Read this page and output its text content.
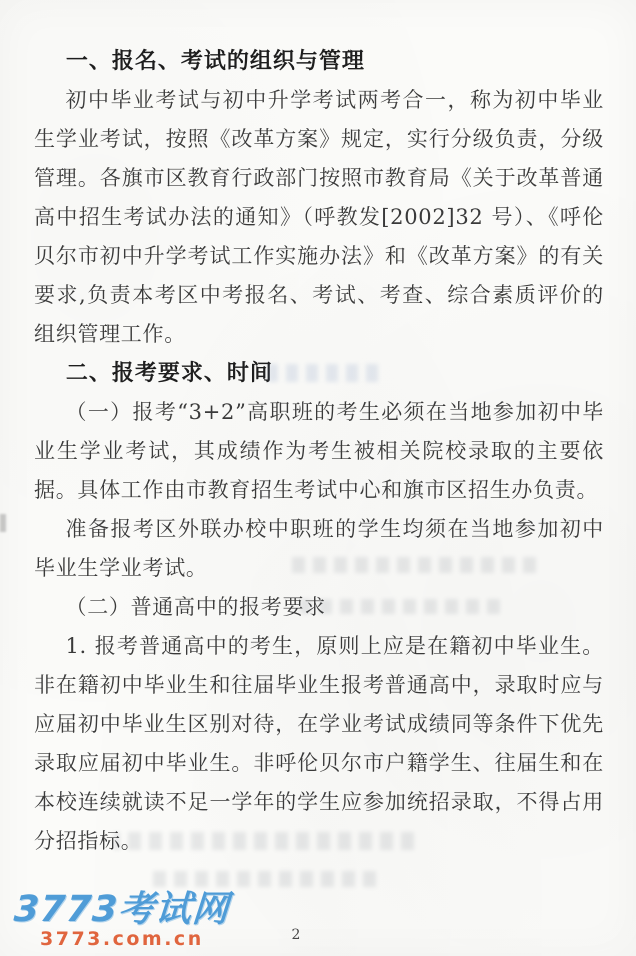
一、报名、考试的组织与管理

初中毕业考试与初中升学考试两考合一，称为初中毕业生学业考试，按照《改革方案》规定，实行分级负责，分级管理。各旗市区教育行政部门按照市教育局《关于改革普通高中招生考试办法的通知》（呼教发[2002]32 号）、《呼伦贝尔市初中升学考试工作实施办法》和《改革方案》的有关要求,负责本考区中考报名、考试、考查、综合素质评价的组织管理工作。

二、报考要求、时间

（一）报考“3+2”高职班的考生必须在当地参加初中毕业生学业考试，其成绩作为考生被相关院校录取的主要依据。具体工作由市教育招生考试中心和旗市区招生办负责。

准备报考区外联办校中职班的学生均须在当地参加初中毕业生学业考试。

（二）普通高中的报考要求

1. 报考普通高中的考生，原则上应是在籍初中毕业生。非在籍初中毕业生和往届毕业生报考普通高中，录取时应与应届初中毕业生区别对待，在学业考试成绩同等条件下优先录取应届初中毕业生。非呼伦贝尔市户籍学生、往届生和在本校连续就读不足一学年的学生应参加统招录取，不得占用分招指标。

3773考试网
3773.com.cn	2
